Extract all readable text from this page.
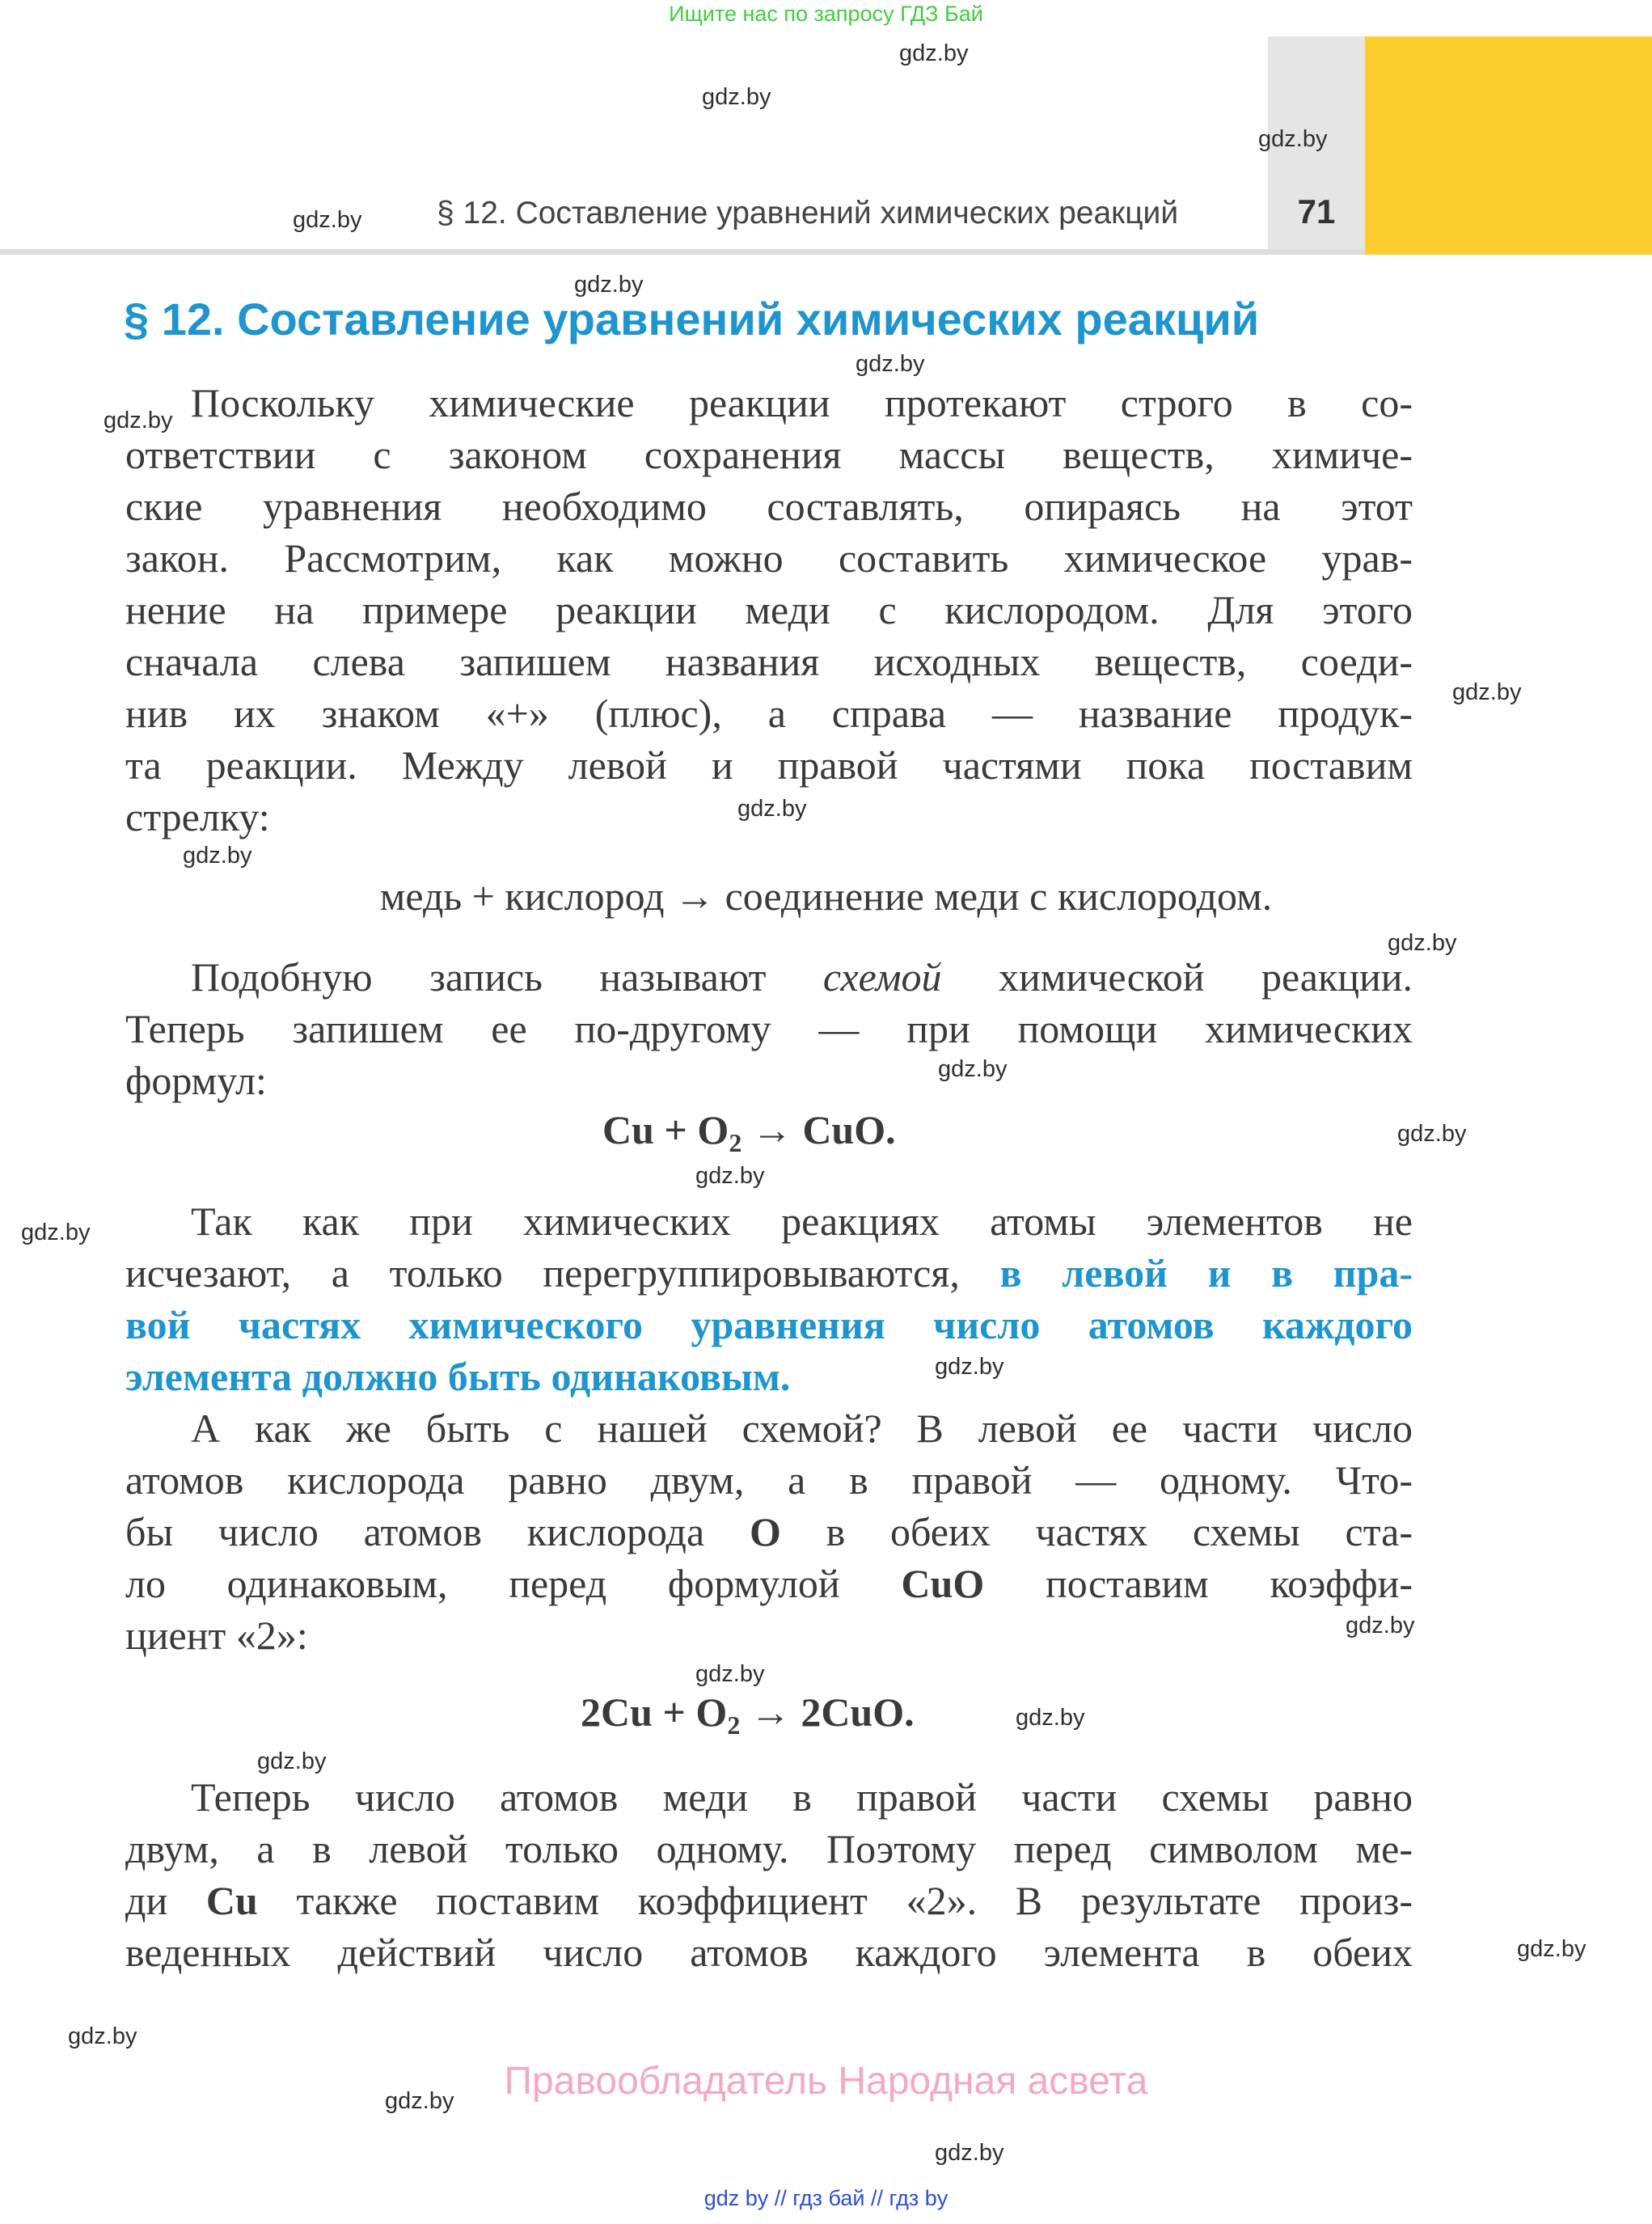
Ищите нас по запросу ГДЗ Бай
§ 12. Составление уравнений химических реакций	71
§ 12. Составление уравнений химических реакций
Поскольку химические реакции протекают строго в со-
ответствии с законом сохранения массы веществ, химиче-
ские уравнения необходимо составлять, опираясь на этот
закон. Рассмотрим, как можно составить химическое урав-
нение на примере реакции меди с кислородом. Для этого
сначала слева запишем названия исходных веществ, соеди-
нив их знаком «+» (плюс), а справа — название продук-
та реакции. Между левой и правой частями пока поставим
стрелку:
медь + кислород → соединение меди с кислородом.
Подобную запись называют схемой химической реакции.
Теперь запишем ее по-другому — при помощи химических
формул:
$Cu + O_2$ → CuO.
Так как при химических реакциях атомы элементов не
исчезают, а только перегруппировываются, в левой и в пра-
вой частях химического уравнения число атомов каждого
элемента должно быть одинаковым.
А как же быть с нашей схемой? В левой ее части число
атомов кислорода равно двум, а в правой — одному. Что-
бы число атомов кислорода O в обеих частях схемы ста-
ло одинаковым, перед формулой CuO поставим коэффи-
циент «2»:
$2Cu + O_2 \to 2CuO$.
Теперь число атомов меди в правой части схемы равно
двум, а в левой только одному. Поэтому перед символом ме-
ди Cu также поставим коэффициент «2». В результате произ-
веденных действий число атомов каждого элемента в обеих
Правообладатель Народная асвета
gdz by // гдз бай // гдз by
gdz.by
gdz.by
gdz.by
gdz.by
gdz.by
gdz.by
gdz.by
gdz.by
gdz.by
gdz.by
gdz.by
gdz.by
gdz.by
gdz.by
gdz.by
gdz.by
gdz.by
gdz.by
gdz.by
gdz.by
gdz.by
gdz.by
gdz.by
gdz.by
